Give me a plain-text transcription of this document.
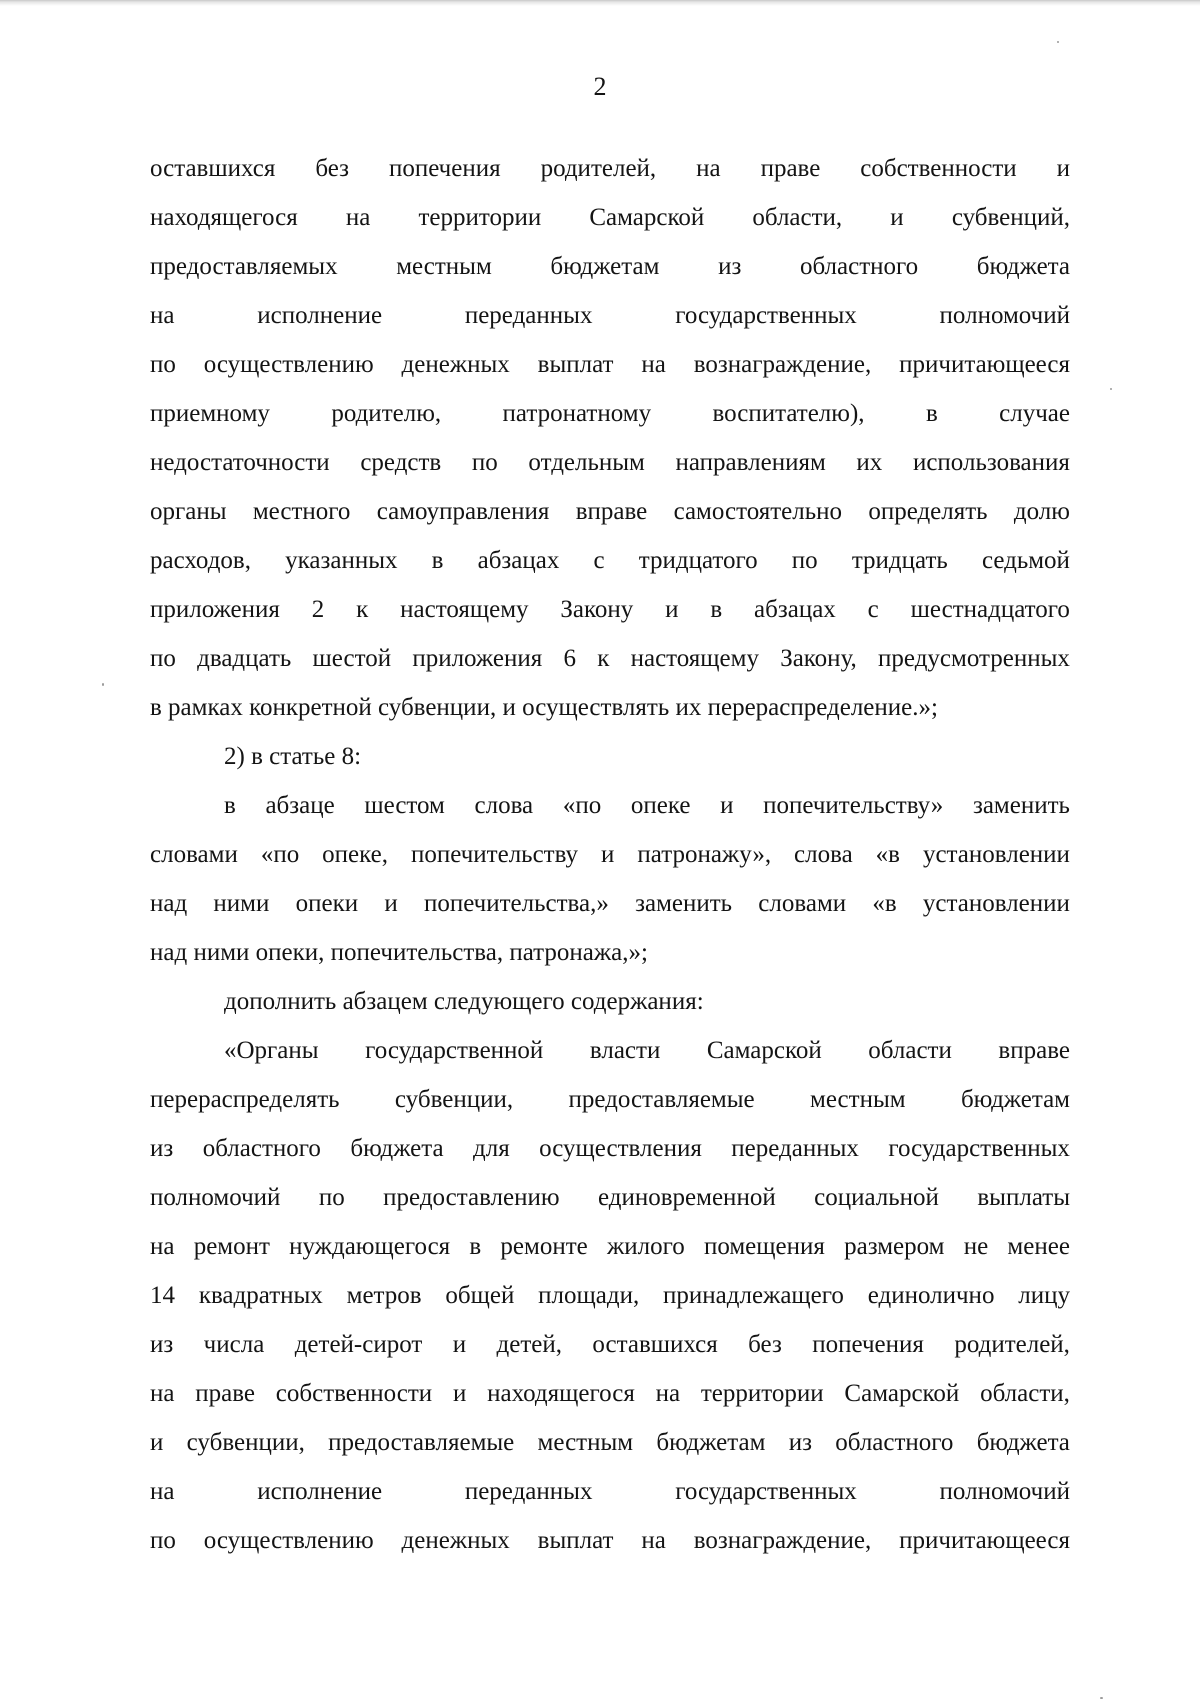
2

оставшихся без попечения родителей, на праве собственности и
находящегося на территории Самарской области, и субвенций,
предоставляемых местным бюджетам из областного бюджета
на	исполнение	переданных	государственных	полномочий
по осуществлению денежных выплат на вознаграждение, причитающееся
приемному родителю, патронатному воспитателю), в случае
недостаточности средств по отдельным направлениям их использования
органы местного самоуправления вправе самостоятельно определять долю
расходов, указанных в абзацах с тридцатого по тридцать седьмой
приложения 2 к настоящему Закону и в абзацах с шестнадцатого
по двадцать шестой приложения 6 к настоящему Закону, предусмотренных
в рамках конкретной субвенции, и осуществлять их перераспределение.»;

2) в статье 8:

в абзаце шестом слова «по опеке и попечительству» заменить
словами «по опеке, попечительству и патронажу», слова «в установлении
над ними опеки и попечительства,» заменить словами «в установлении
над ними опеки, попечительства, патронажа,»;

дополнить абзацем следующего содержания:

«Органы государственной власти Самарской области вправе
перераспределять субвенции, предоставляемые местным бюджетам
из областного бюджета для осуществления переданных государственных
полномочий по предоставлению единовременной социальной выплаты
на ремонт нуждающегося в ремонте жилого помещения размером не менее
14 квадратных метров общей площади, принадлежащего единолично лицу
из числа детей-сирот и детей, оставшихся без попечения родителей,
на праве собственности и находящегося на территории Самарской области,
и субвенции, предоставляемые местным бюджетам из областного бюджета
на	исполнение	переданных	государственных	полномочий
по осуществлению денежных выплат на вознаграждение, причитающееся
